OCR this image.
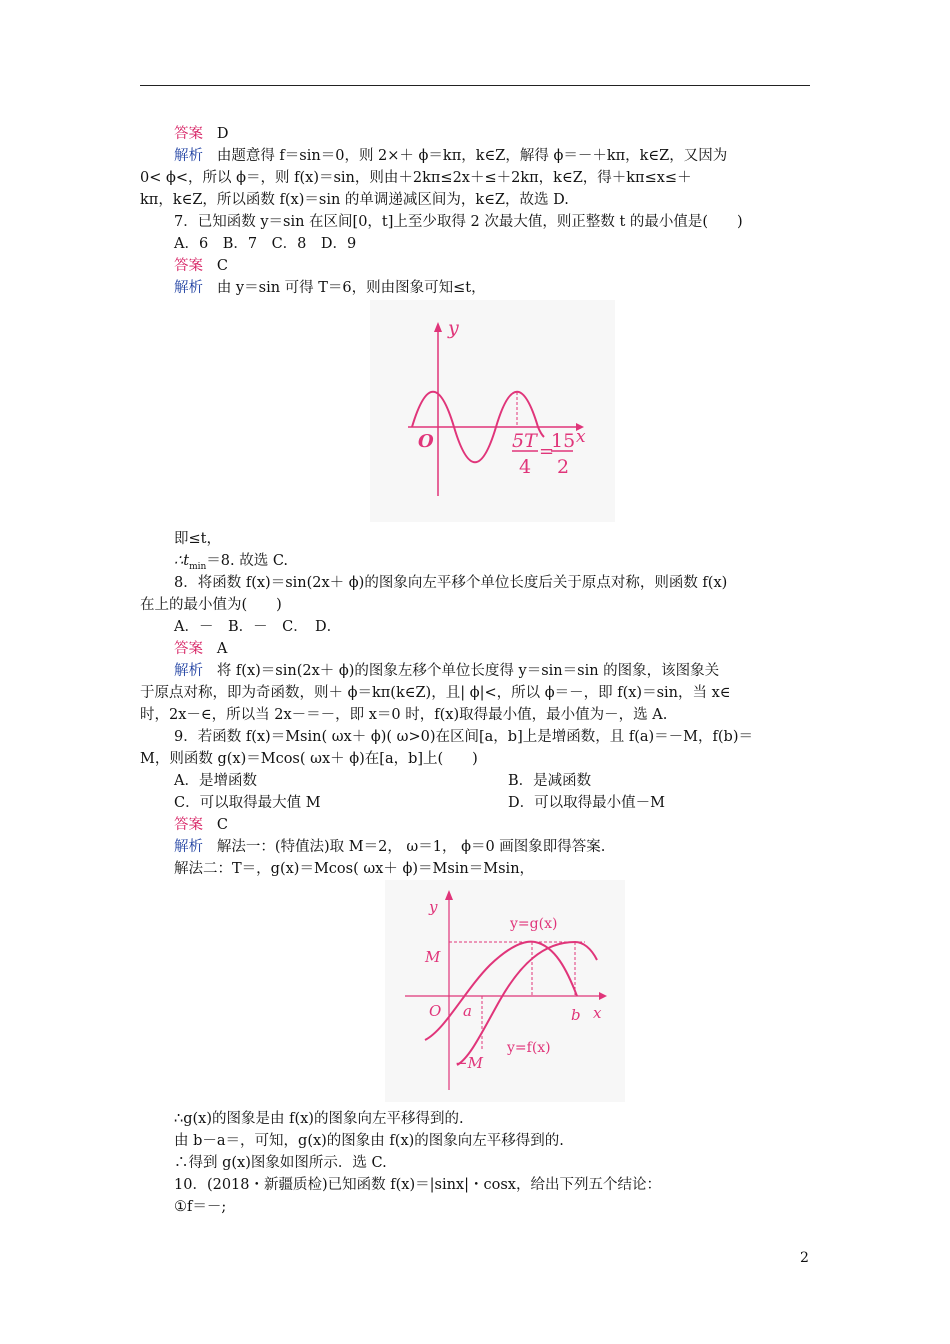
答案 D
解析 由题意得 f＝sin＝0，则 2×＋ ϕ＝kπ，k∈Z，解得 ϕ＝－＋kπ，k∈Z，又因为
0< ϕ<，所以 ϕ＝，则 f(x)＝sin，则由＋2kπ≤2x＋≤＋2kπ，k∈Z，得＋kπ≤x≤＋
kπ，k∈Z，所以函数 f(x)＝sin 的单调递减区间为，k∈Z，故选 D.
7．已知函数 y＝sin 在区间[0，t]上至少取得 2 次最大值，则正整数 t 的最小值是(　　)
A．6　B．7　C．8　D．9
答案 C
解析 由 y＝sin 可得 T＝6，则由图象可知≤t，
y
x
O	5T
4
=
15
2
即≤t，
$\therefore t_{min}=8$. 故选 C.
8．将函数 f(x)＝sin(2x＋ ϕ)的图象向左平移个单位长度后关于原点对称，则函数 f(x)
在上的最小值为(　　)
A．－　B．－　C．　D．
答案 A
解析 将 f(x)＝sin(2x＋ ϕ)的图象左移个单位长度得 y＝sin＝sin 的图象，该图象关
于原点对称，即为奇函数，则＋ ϕ＝kπ(k∈Z)，且| ϕ|<，所以 ϕ＝－，即 f(x)＝sin，当 x∈
时，2x－∈，所以当 2x－＝－，即 x＝0 时，f(x)取得最小值，最小值为－，选 A.
9．若函数 f(x)＝Msin( ωx＋ ϕ)( ω>0)在区间[a，b]上是增函数，且 f(a)＝－M，f(b)＝
M，则函数 g(x)＝Mcos( ωx＋ ϕ)在[a，b]上(　　)
A．是增函数	B．是减函数
C．可以取得最大值 M	D．可以取得最小值－M
答案 C
解析 解法一：(特值法)取 M＝2， ω＝1， ϕ＝0 画图象即得答案.
解法二：T＝，g(x)＝Mcos( ωx＋ ϕ)＝Msin＝Msin，
y
x
O
M
−M
a	b
y=g(x)
y=f(x)
∴g(x)的图象是由 f(x)的图象向左平移得到的.
由 b－a＝，可知，g(x)的图象由 f(x)的图象向左平移得到的.
∴得到 g(x)图象如图所示．选 C.
10．(2018・新疆质检)已知函数 f(x)＝|sinx|・cosx，给出下列五个结论：
①f＝－;
2
